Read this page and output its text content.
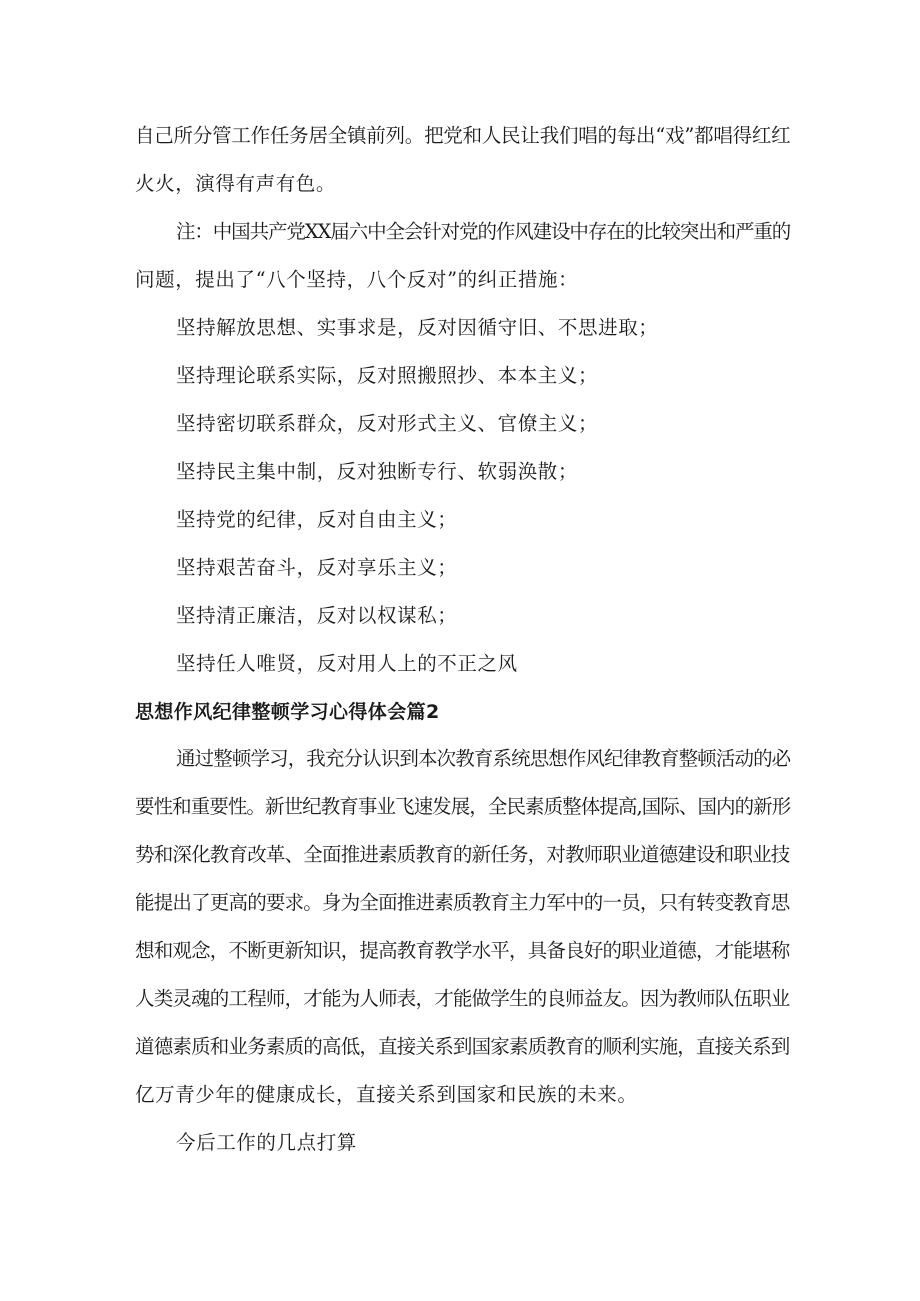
自己所分管工作任务居全镇前列。把党和人民让我们唱的每出“戏”都唱得红红
火火，演得有声有色。
注：中国共产党XX届六中全会针对党的作风建设中存在的比较突出和严重的
问题，提出了“八个坚持，八个反对”的纠正措施：
坚持解放思想、实事求是，反对因循守旧、不思进取；
坚持理论联系实际，反对照搬照抄、本本主义；
坚持密切联系群众，反对形式主义、官僚主义；
坚持民主集中制，反对独断专行、软弱涣散；
坚持党的纪律，反对自由主义；
坚持艰苦奋斗，反对享乐主义；
坚持清正廉洁，反对以权谋私；
坚持任人唯贤，反对用人上的不正之风
思想作风纪律整顿学习心得体会篇2
通过整顿学习，我充分认识到本次教育系统思想作风纪律教育整顿活动的必
要性和重要性。新世纪教育事业飞速发展，全民素质整体提高,国际、国内的新形
势和深化教育改革、全面推进素质教育的新任务，对教师职业道德建设和职业技
能提出了更高的要求。身为全面推进素质教育主力军中的一员，只有转变教育思
想和观念，不断更新知识，提高教育教学水平，具备良好的职业道德，才能堪称
人类灵魂的工程师，才能为人师表，才能做学生的良师益友。因为教师队伍职业
道德素质和业务素质的高低，直接关系到国家素质教育的顺利实施，直接关系到
亿万青少年的健康成长，直接关系到国家和民族的未来。
今后工作的几点打算
